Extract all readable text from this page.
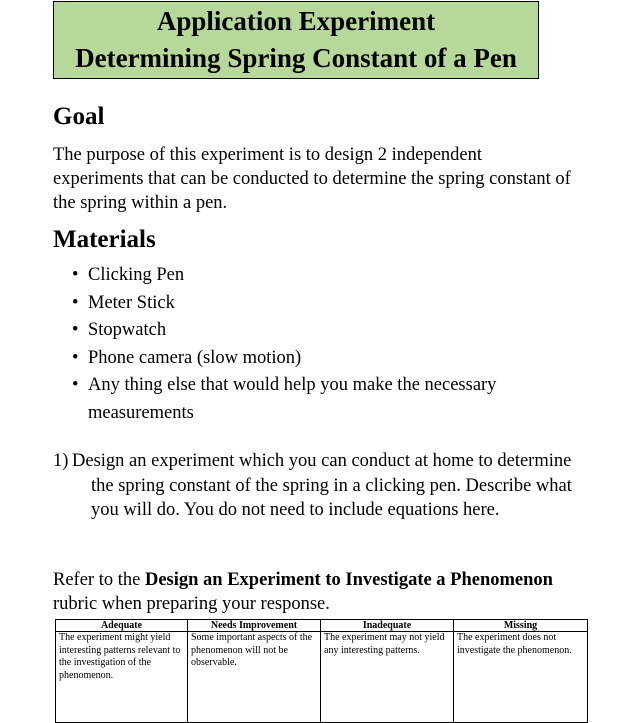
Application Experiment
Determining Spring Constant of a Pen
Goal
The purpose of this experiment is to design 2 independent experiments that can be conducted to determine the spring constant of the spring within a pen.
Materials
• Clicking Pen
• Meter Stick
• Stopwatch
• Phone camera (slow motion)
• Any thing else that would help you make the necessary measurements
1) Design an experiment which you can conduct at home to determine the spring constant of the spring in a clicking pen. Describe what you will do. You do not need to include equations here.
Refer to the Design an Experiment to Investigate a Phenomenon rubric when preparing your response.
Adequate	Needs Improvement	Inadequate	Missing
The experiment might yield interesting patterns relevant to the investigation of the phenomenon.	Some important aspects of the phenomenon will not be observable.	The experiment may not yield any interesting patterns.	The experiment does not investigate the phenomenon.
